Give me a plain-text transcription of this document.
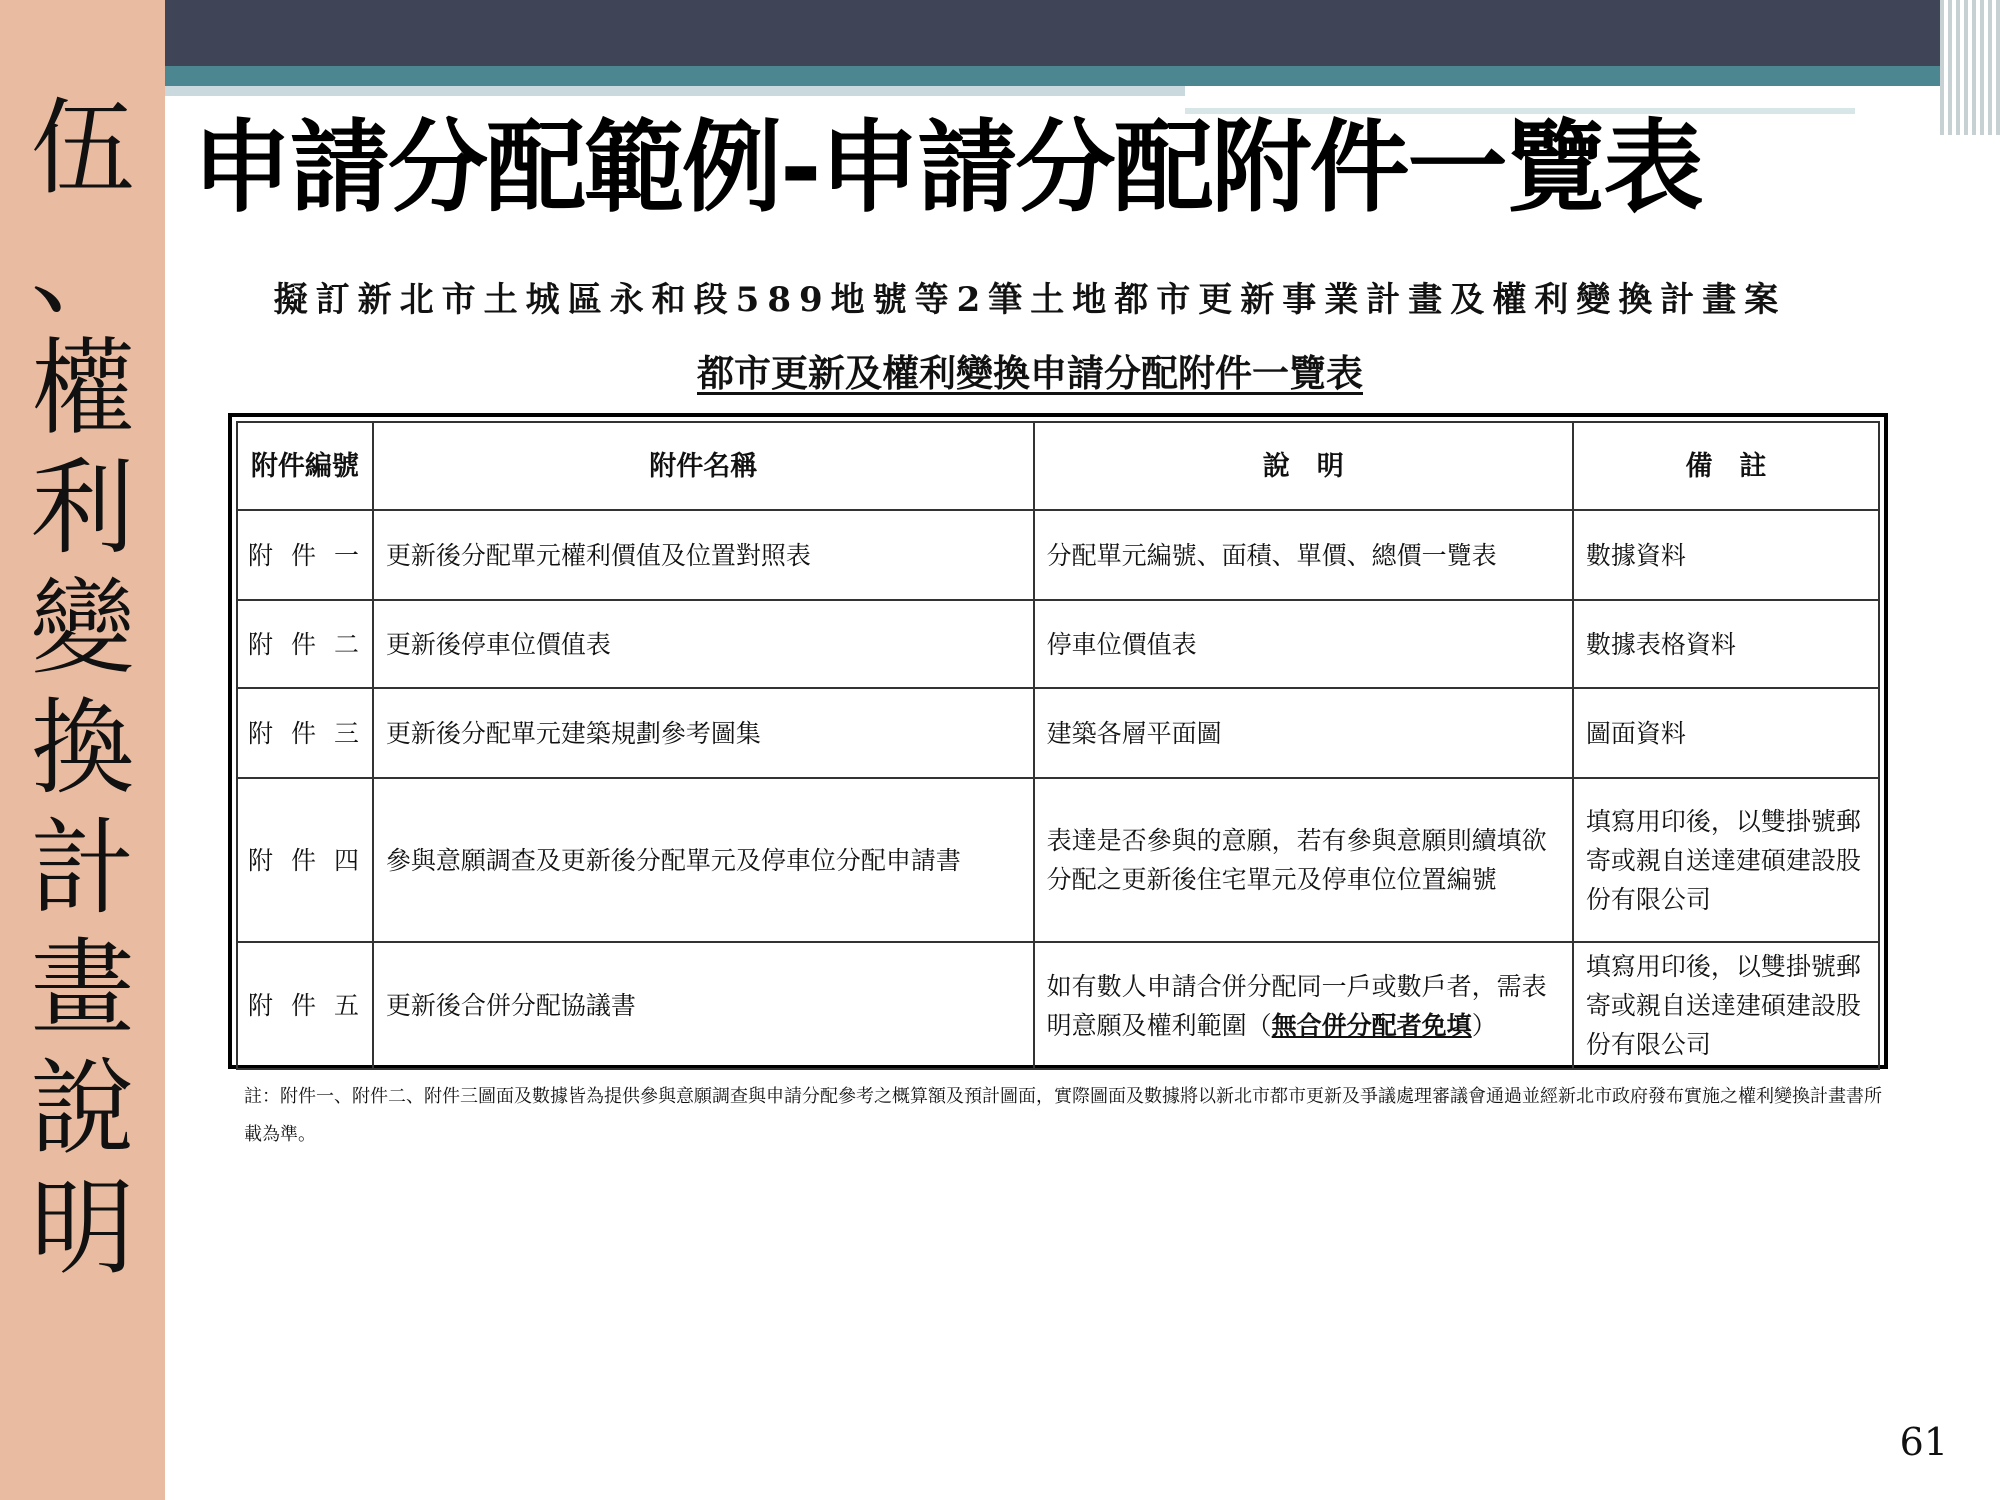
伍
、
權
利
變
換
計
畫
說
明
申請分配範例-申請分配附件一覽表
擬訂新北市土城區永和段589地號等2筆土地都市更新事業計畫及權利變換計畫案
都市更新及權利變換申請分配附件一覽表
附件編號	附件名稱	說　明	備　註
附件一	更新後分配單元權利價值及位置對照表	分配單元編號、面積、單價、總價一覽表	數據資料
附件二	更新後停車位價值表	停車位價值表	數據表格資料
附件三	更新後分配單元建築規劃參考圖集	建築各層平面圖	圖面資料
附件四	參與意願調查及更新後分配單元及停車位分配申請書	表達是否參與的意願，若有參與意願則續填欲分配之更新後住宅單元及停車位位置編號	填寫用印後，以雙掛號郵寄或親自送達建碩建設股份有限公司
附件五	更新後合併分配協議書	如有數人申請合併分配同一戶或數戶者，需表明意願及權利範圍（無合併分配者免填）	填寫用印後，以雙掛號郵寄或親自送達建碩建設股份有限公司
註：附件一、附件二、附件三圖面及數據皆為提供參與意願調查與申請分配參考之概算額及預計圖面，實際圖面及數據將以新北市都市更新及爭議處理審議會通過並經新北市政府發布實施之權利變換計畫書所載為準。
61
